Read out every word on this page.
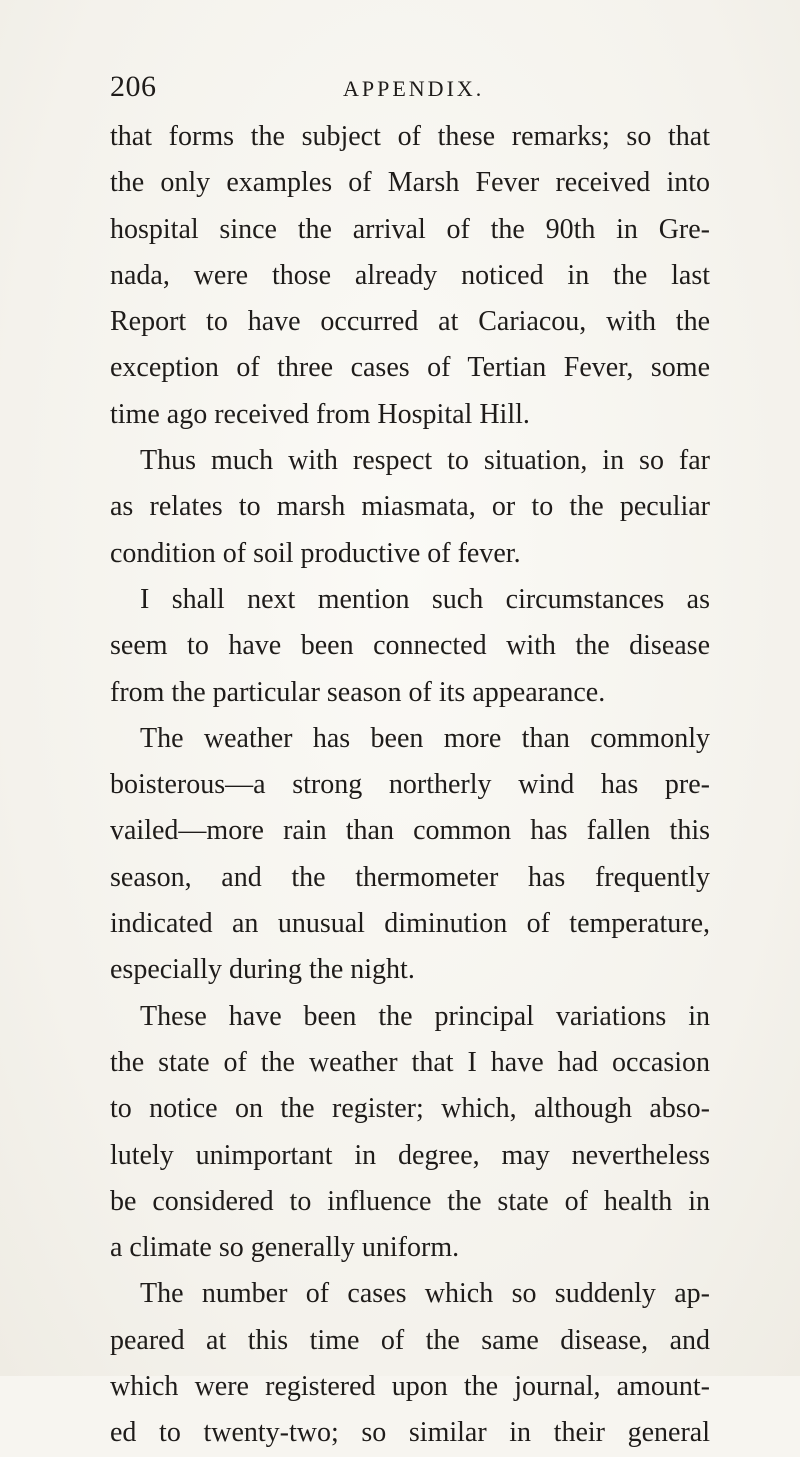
206	APPENDIX.
that forms the subject of these remarks; so that
the only examples of Marsh Fever received into
hospital since the arrival of the 90th in Gre-
nada, were those already noticed in the last
Report to have occurred at Cariacou, with the
exception of three cases of Tertian Fever, some
time ago received from Hospital Hill.
Thus much with respect to situation, in so far
as relates to marsh miasmata, or to the peculiar
condition of soil productive of fever.
I shall next mention such circumstances as
seem to have been connected with the disease
from the particular season of its appearance.
The weather has been more than commonly
boisterous—a strong northerly wind has pre-
vailed—more rain than common has fallen this
season, and the thermometer has frequently
indicated an unusual diminution of temperature,
especially during the night.
These have been the principal variations in
the state of the weather that I have had occasion
to notice on the register; which, although abso-
lutely unimportant in degree, may nevertheless
be considered to influence the state of health in
a climate so generally uniform.
The number of cases which so suddenly ap-
peared at this time of the same disease, and
which were registered upon the journal, amount-
ed to twenty-two; so similar in their general
